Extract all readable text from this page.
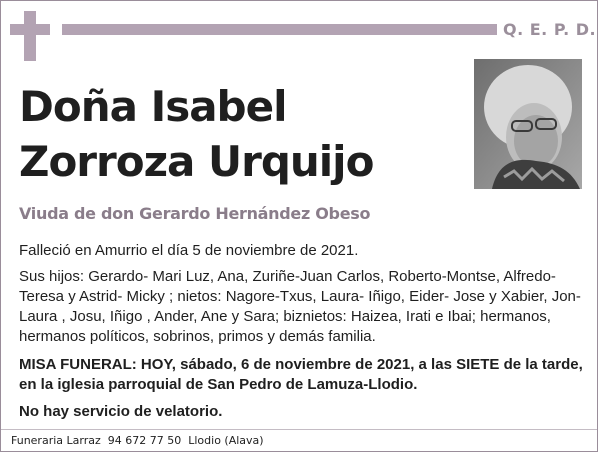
Q. E. P. D.
Doña Isabel
Zorroza Urquijo
Viuda de don Gerardo Hernández Obeso
Falleció en Amurrio el día 5 de noviembre de 2021.
Sus hijos: Gerardo- Mari Luz, Ana, Zuriñe-Juan Carlos, Roberto-Montse, Alfredo-Teresa y Astrid- Micky ; nietos: Nagore-Txus, Laura- Iñigo, Eider- Jose y Xabier, Jon- Laura , Josu, Iñigo , Ander, Ane y Sara; biznietos: Haizea, Irati e Ibai; hermanos, hermanos políticos, sobrinos, primos y demás familia.
MISA FUNERAL: HOY, sábado, 6 de noviembre de 2021, a las SIETE de la tarde, en la iglesia parroquial de San Pedro de Lamuza-Llodio.
No hay servicio de velatorio.
Funeraria Larraz 94 672 77 50 Llodio (Alava)
